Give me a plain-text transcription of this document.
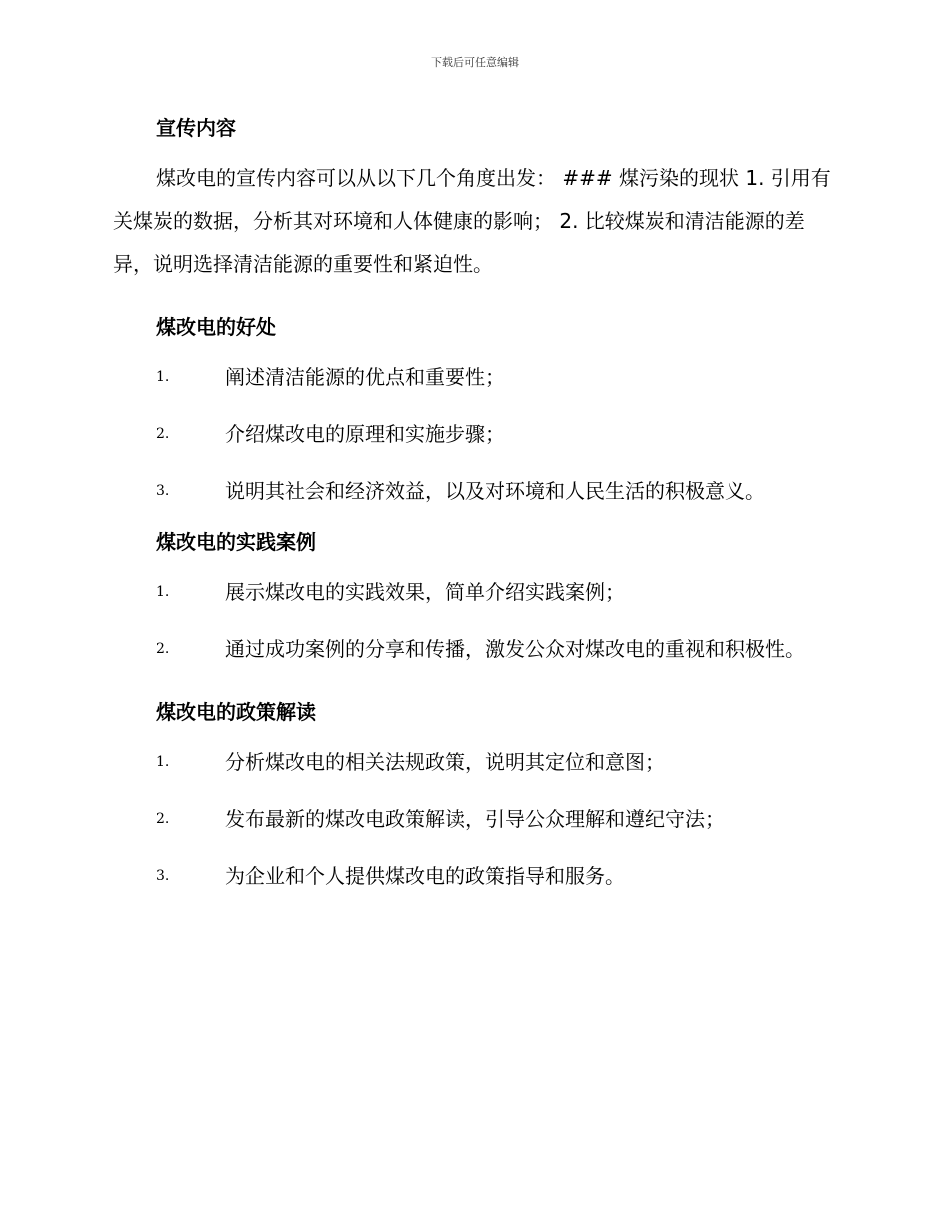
下载后可任意编辑
宣传内容

煤改电的宣传内容可以从以下几个角度出发： ### 煤污染的现状 1. 引用有关煤炭的数据，分析其对环境和人体健康的影响； 2. 比较煤炭和清洁能源的差异，说明选择清洁能源的重要性和紧迫性。

煤改电的好处
1.	阐述清洁能源的优点和重要性；
2.	介绍煤改电的原理和实施步骤；
3.	说明其社会和经济效益，以及对环境和人民生活的积极意义。
煤改电的实践案例
1.	展示煤改电的实践效果，简单介绍实践案例；
2.	通过成功案例的分享和传播，激发公众对煤改电的重视和积极性。
煤改电的政策解读
1.	分析煤改电的相关法规政策，说明其定位和意图；
2.	发布最新的煤改电政策解读，引导公众理解和遵纪守法；
3.	为企业和个人提供煤改电的政策指导和服务。
